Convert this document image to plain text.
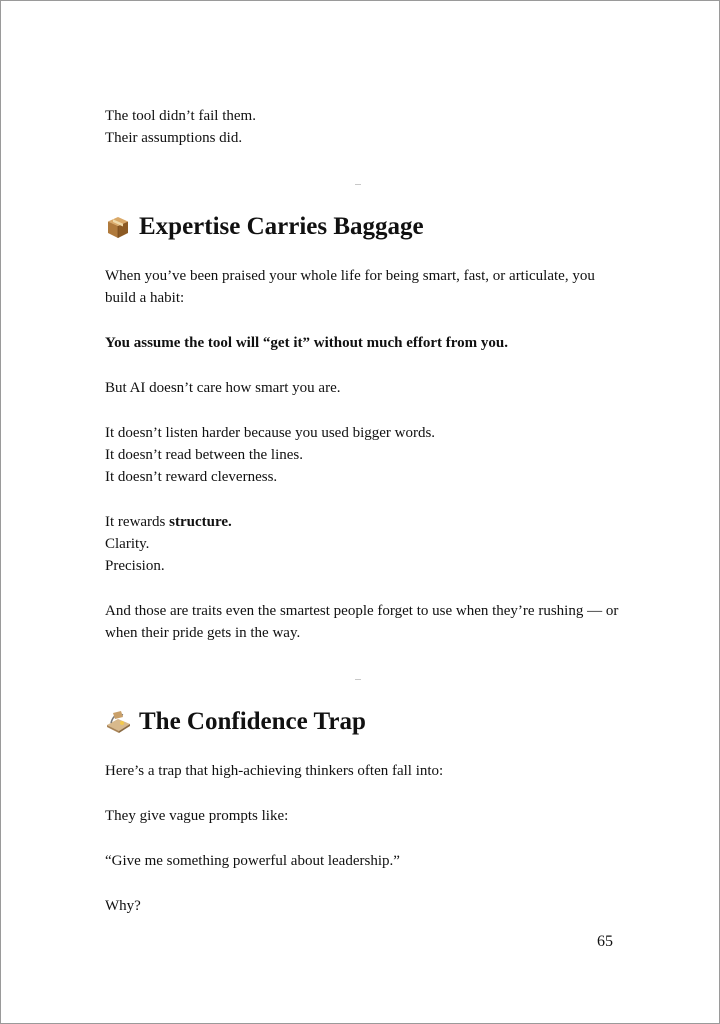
The tool didn’t fail them.

Their assumptions did.

Expertise Carries Baggage

When you’ve been praised your whole life for being smart, fast, or articulate, you build a habit:

You assume the tool will “get it” without much effort from you.

But AI doesn’t care how smart you are.

It doesn’t listen harder because you used bigger words.

It doesn’t read between the lines.

It doesn’t reward cleverness.

It rewards structure.

Clarity.

Precision.

And those are traits even the smartest people forget to use when they’re rushing — or when their pride gets in the way.

The Confidence Trap

Here’s a trap that high-achieving thinkers often fall into:

They give vague prompts like:

“Give me something powerful about leadership.”

Why?

65
